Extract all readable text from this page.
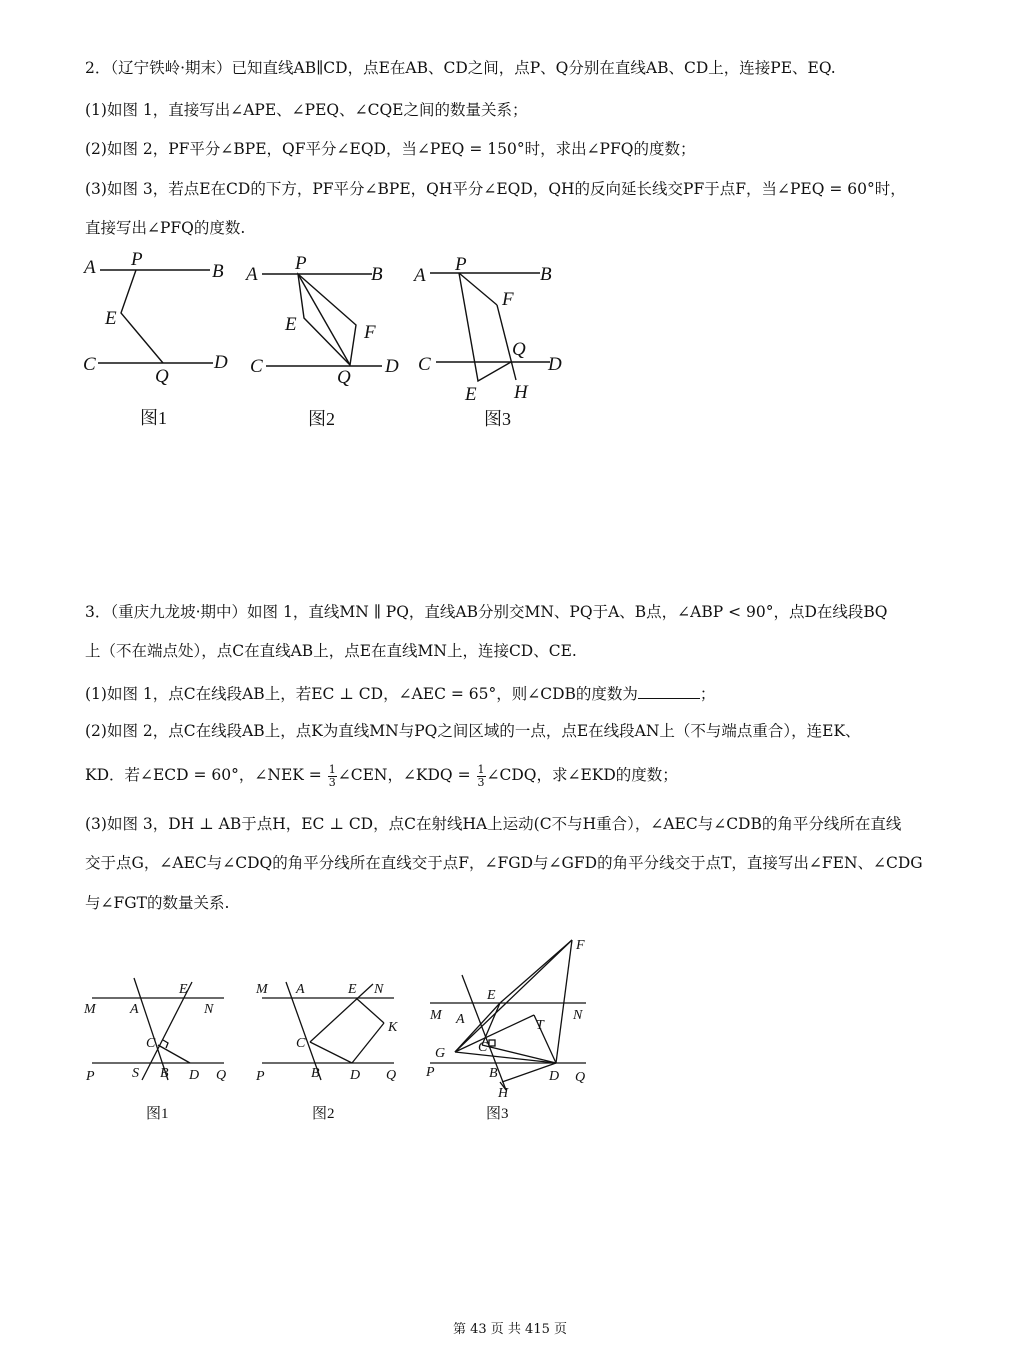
2．（辽宁铁岭·期末）已知直线AB∥CD，点E在AB、CD之间，点P、Q分别在直线AB、CD上，连接PE、EQ.
(1)如图 1，直接写出∠APE、∠PEQ、∠CQE之间的数量关系；
(2)如图 2，PF平分∠BPE，QF平分∠EQD，当∠PEQ = 150°时，求出∠PFQ的度数；
(3)如图 3，若点E在CD的下方，PF平分∠BPE，QH平分∠EQD，QH的反向延长线交PF于点F，当∠PEQ = 60°时，
直接写出∠PFQ的度数.
A P
B
E
C
Q
D
A
P
B
E	F
C
Q
D
A
P	B
F
C
Q
D
E H
图1	图2	图3
3．（重庆九龙坡·期中）如图 1，直线MN ∥ PQ，直线AB分别交MN、PQ于A、B点，∠ABP < 90°，点D在线段BQ
上（不在端点处），点C在直线AB上，点E在直线MN上，连接CD、CE.
(1)如图 1，点C在线段AB上，若EC ⊥ CD，∠AEC = 65°，则∠CDB的度数为	；
(2)如图 2，点C在线段AB上，点K为直线MN与PQ之间区域的一点，点E在线段AN上（不与端点重合），连EK、
KD．若∠ECD = 60°，∠NEK = $\frac{1}{3}$ ∠CEN，∠KDQ = $\frac{1}{3}$ ∠CDQ，求∠EKD的度数；
(3)如图 3，DH ⊥ AB于点H，EC ⊥ CD，点C在射线HA上运动(C不与H重合），∠AEC与∠CDB的角平分线所在直线
交于点G，∠AEC与∠CDQ的角平分线所在直线交于点F，∠FGD与∠GFD的角平分线交于点T，直接写出∠FEN、∠CDG
与∠FGT的数量关系.
M A
E
N
C
P	S B D Q
M A	E N
C
K
P	B D Q
F
E
M A	T
N
G C
P	B	D Q
H
图1	图2	图3
第 43 页 共 415 页
